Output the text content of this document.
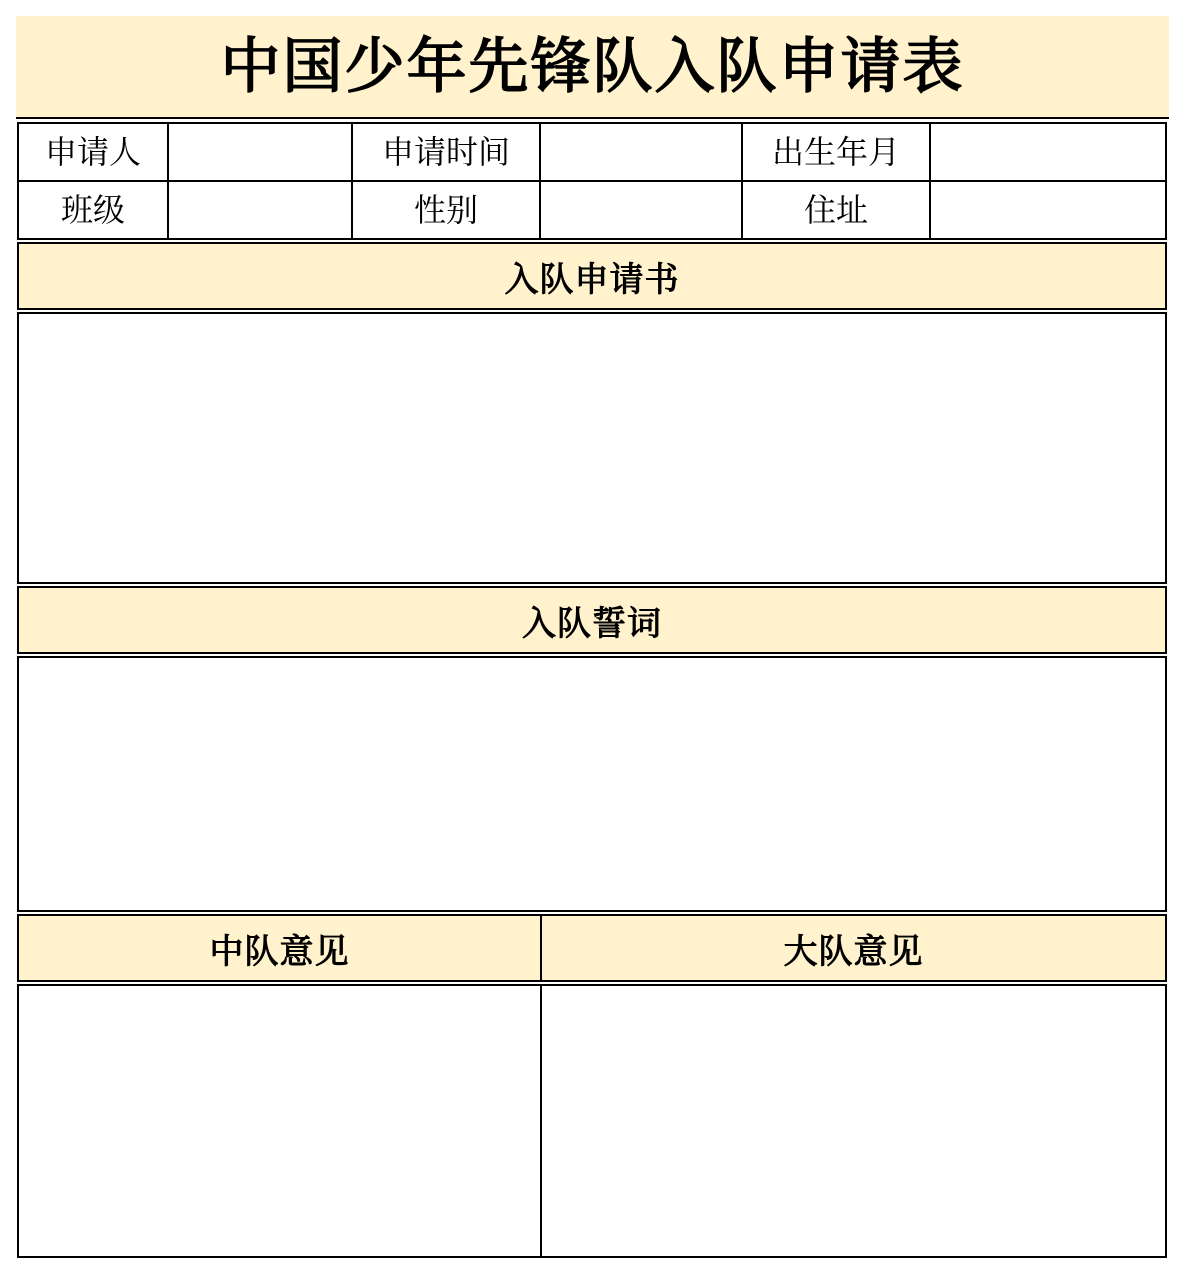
中国少年先锋队入队申请表
申请人	申请时间	出生年月
班级	性别	住址
入队申请书
入队誓词
中队意见	大队意见
